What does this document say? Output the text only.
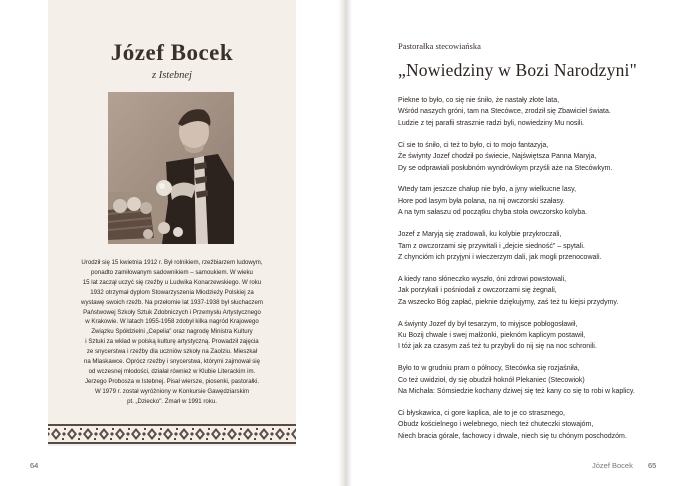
Józef Bocek
z Istebnej

Urodził się 15 kwietnia 1912 r. Był rolnikiem, rzeźbiarzem ludowym,

ponadto zamiłowanym sadownikiem – samoukiem. W wieku

15 lat zaczął uczyć się rzeźby u Ludwika Konarzewskiego. W roku

1932 otrzymał dyplom Stowarzyszenia Młodzieży Polskiej za

wystawę swoich rzeźb. Na przełomie lat 1937-1938 był słuchaczem

Państwowej Szkoły Sztuk Zdobniczych i Przemysłu Artystycznego

w Krakowie. W latach 1955-1958 zdobył kilka nagród Krajowego

Związku Spółdzielni „Cepelia" oraz nagrodę Ministra Kultury

i Sztuki za wkład w polską kulturę artystyczną. Prowadził zajęcia

ze snycerstwa i rzeźby dla uczniów szkoły na Zaolziu. Mieszkał

na Mlaskawce. Oprócz rzeźby i snycerstwa, którymi zajmował się

od wczesnej młodości, działał również w Klubie Literackim im.

Jerzego Probosza w Istebnej. Pisał wiersze, piosenki, pastorałki.

W 1979 r. został wyróżniony w Konkursie Gawędziarskim

pt. „Dziecko". Zmarł w 1991 roku.

64
Pastorałka stecowiańska
„Nowiedziny w Bozi Narodzyni"
Piekne to było, co się nie śniło, że nastały złote lata,
Wśród naszych gróni, tam na Stecówce, zrodził się Zbawiciel świata.
Ludzie z tej parafii strasznie radzi byli, nowiedziny Mu nosili.
Ci sie to śniło, ci też to było, ci to mojo fantazyja,
Że świynty Jozef chodził po świecie, Najświętsza Panna Maryja,
Dy se odprawiali posłubnóm wyndrówkym przyśli aże na Stecówkym.
Wtedy tam jeszcze chałup nie było, a jyny wielkucne lasy,
Hore pod lasym była polana, na nij owczorski szałasy.
A na tym sałaszu od początku chyba stoła owczorsko kolyba.
Jozef z Maryją się zradowali, ku kolybie przykroczali,
Tam z owczorzami się przywitali i „dejcie siedność" – spytali.
Z chyncióm ich przyjyni i wieczerzym dali, jak mogli przenocowali.
A kiedy rano słóneczko wyszło, óni zdrowi powstowali,
Jak porzykali i pośniodali z owczorzami się żegnali,
Za wszecko Bóg zapłać, pieknie dziękujymy, zaś też tu kiejsi przydymy.
A świynty Jozef dy był tesarzym, to miyjsce pobłogosławił,
Ku Bozij chwale i swej małżonki, pieknóm kaplicym postawił,
I tóż jak za czasym zaś też tu przybyli do nij się na noc schronili.
Było to w grudniu pram o północy, Stecówka się rozjaśniła,
Co też uwidzioł, dy się obudził hoknół Plekaniec (Stecowiok)
Na Michała: Sómsiedzie kochany dziwej się też kany co się to robi w kaplicy.
Ci błyskawica, ci gore kaplica, ale to je co strasznego,
Obudz kościelnego i welebnego, niech też chuteczki stowajóm,
Niech bracia górale, fachowcy i drwale, niech się tu chónym poschodzóm.
Józef Bocek 65
